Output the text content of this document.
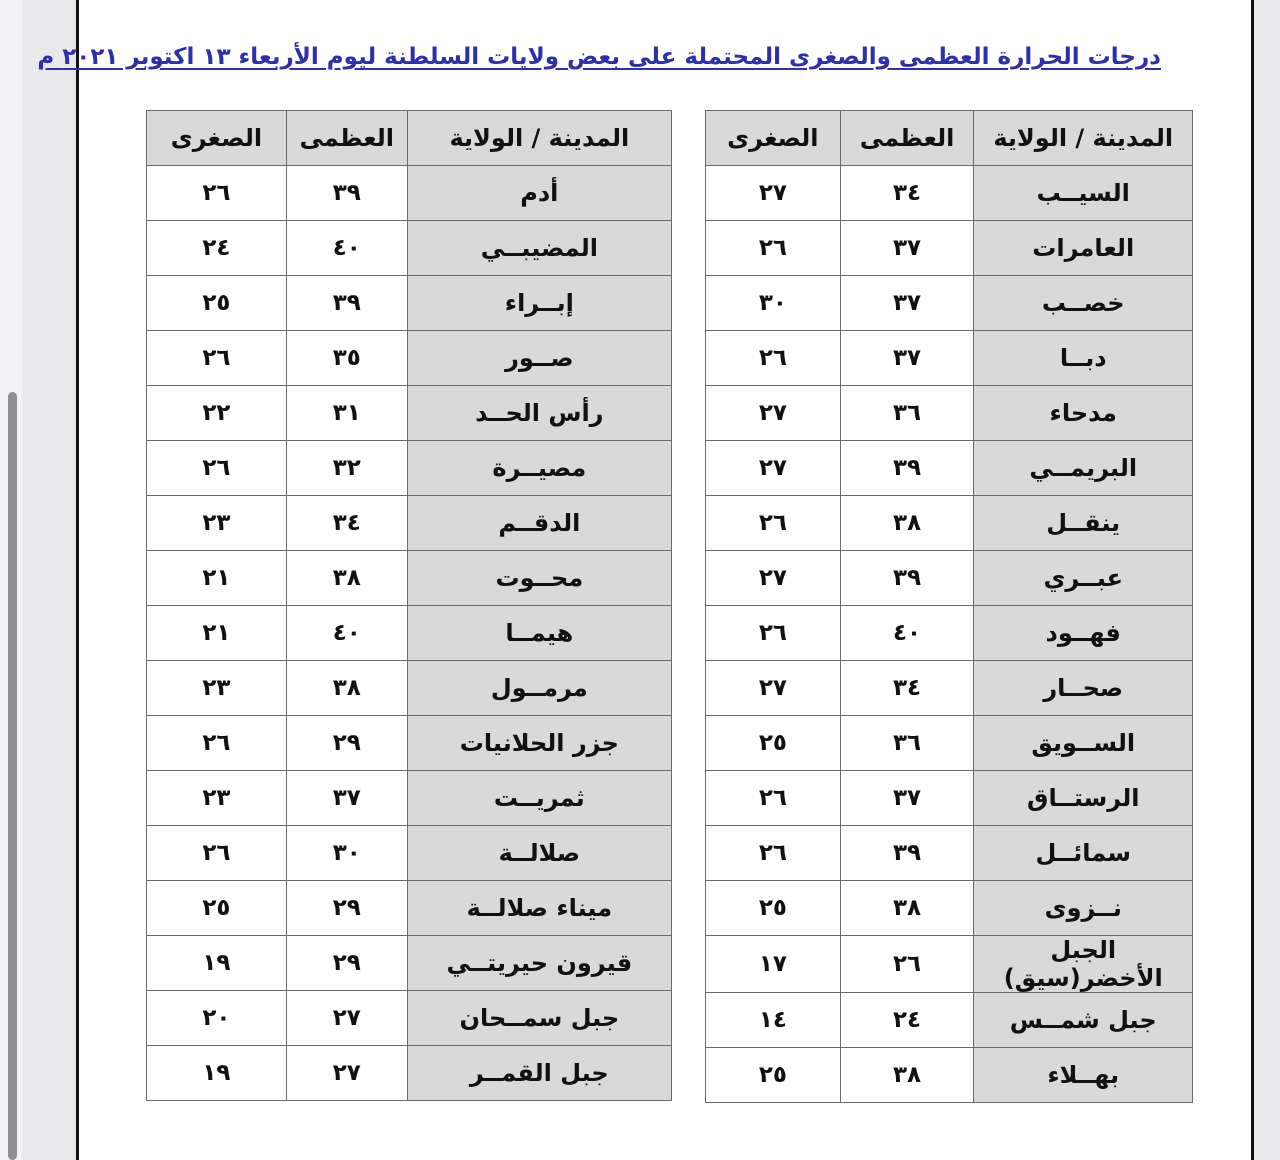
درجات الحرارة العظمى والصغرى المحتملة على بعض ولايات السلطنة ليوم الأربعاء ١٣ اكتوبر ٢٠٢١ م
المدينة / الولاية	العظمى	الصغرى
السيــب	٣٤	٢٧
العامرات	٣٧	٢٦
خصــب	٣٧	٣٠
دبــا	٣٧	٢٦
مدحاء	٣٦	٢٧
البريمــي	٣٩	٢٧
ينقــل	٣٨	٢٦
عبــري	٣٩	٢٧
فهــود	٤٠	٢٦
صحــار	٣٤	٢٧
الســويق	٣٦	٢٥
الرستــاق	٣٧	٢٦
سمائــل	٣٩	٢٦
نــزوى	٣٨	٢٥
الجبل الأخضر(سيق)	٢٦	١٧
جبل شمــس	٢٤	١٤
بهــلاء	٣٨	٢٥
المدينة / الولاية	العظمى	الصغرى
أدم	٣٩	٢٦
المضيبــي	٤٠	٢٤
إبــراء	٣٩	٢٥
صــور	٣٥	٢٦
رأس الحــد	٣١	٢٢
مصيــرة	٣٢	٢٦
الدقــم	٣٤	٢٣
محــوت	٣٨	٢١
هيمــا	٤٠	٢١
مرمــول	٣٨	٢٣
جزر الحلانيات	٢٩	٢٦
ثمريــت	٣٧	٢٣
صلالــة	٣٠	٢٦
ميناء صلالــة	٢٩	٢٥
قيرون حيريتــي	٢٩	١٩
جبل سمــحان	٢٧	٢٠
جبل القمــر	٢٧	١٩
